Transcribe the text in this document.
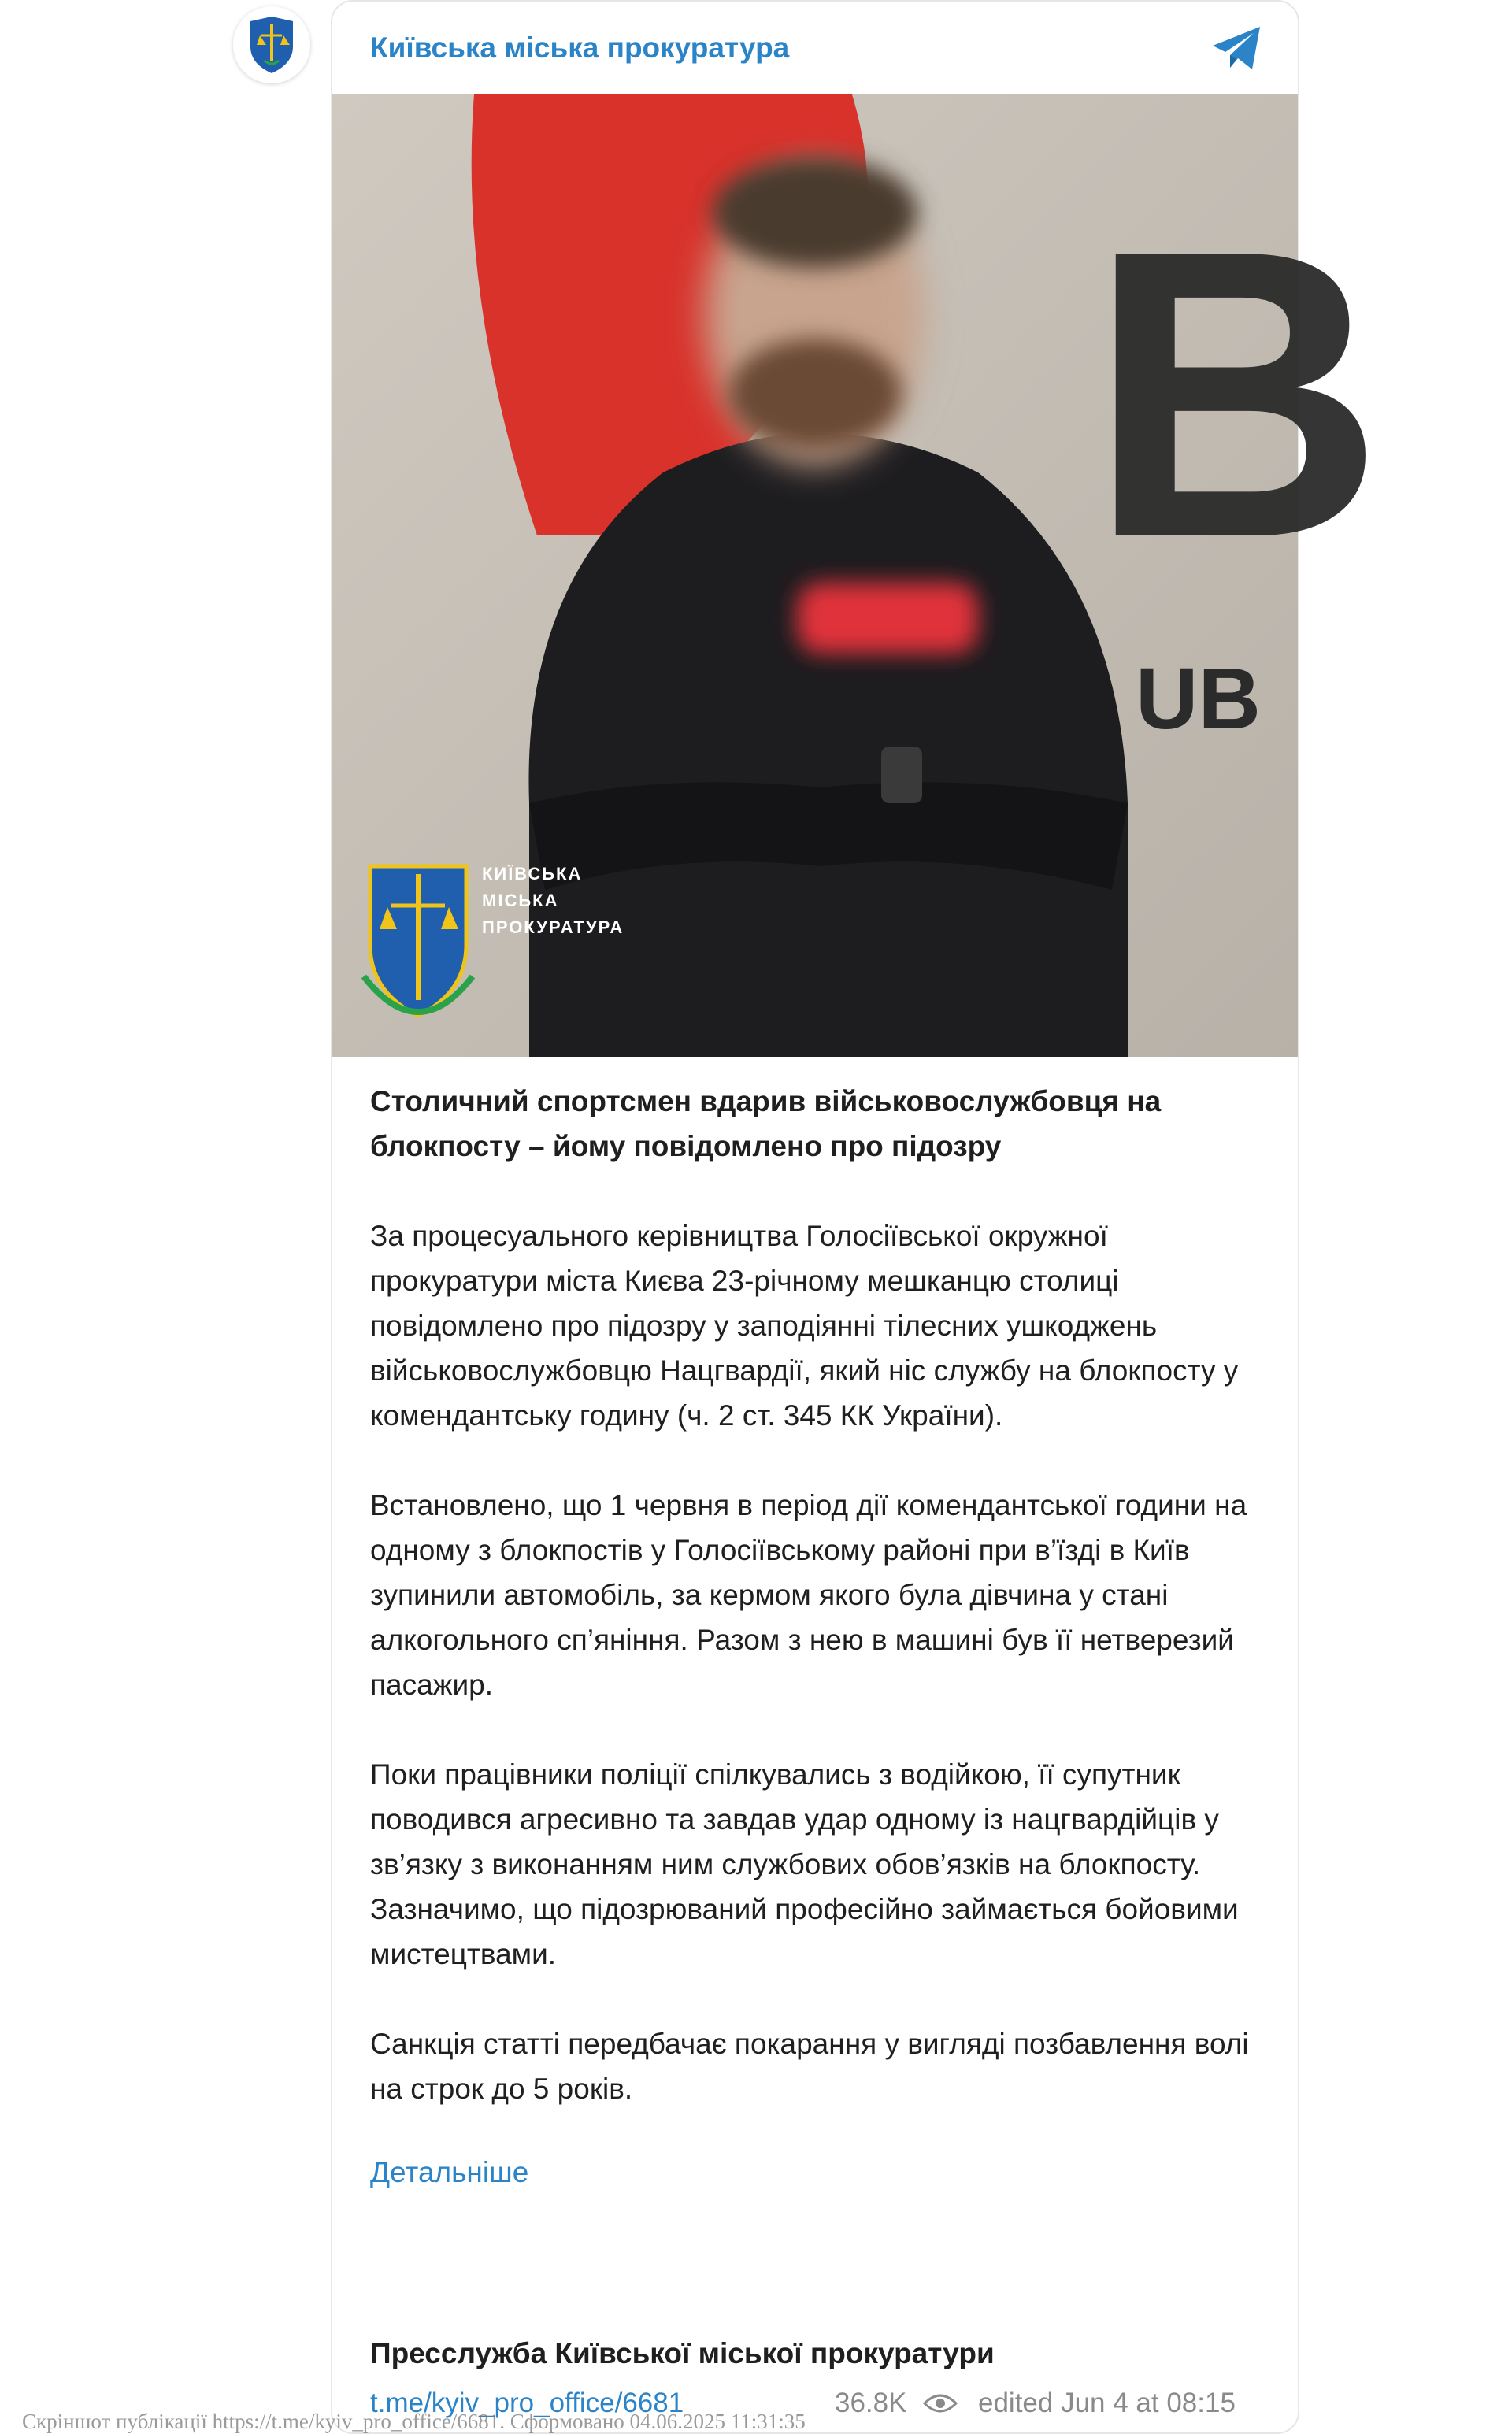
Київська міська прокуратура
B
UB
КИЇВСЬКА
МІСЬКА
ПРОКУРАТУРА

Столичний спортсмен вдарив військовослужбовця на блокпосту – йому повідомлено про підозру

За процесуального керівництва Голосіївської окружної прокуратури міста Києва 23-річному мешканцю столиці повідомлено про підозру у заподіянні тілесних ушкоджень військовослужбовцю Нацгвардії, який ніс службу на блокпосту у комендантську годину (ч. 2 ст. 345 КК України).

Встановлено, що 1 червня в період дії комендантської години на одному з блокпостів у Голосіївському районі при в’їзді в Київ зупинили автомобіль, за кермом якого була дівчина у стані алкогольного сп’яніння. Разом з нею в машині був її нетверезий пасажир.

Поки працівники поліції спілкувались з водійкою, її супутник поводився агресивно та завдав удар одному із нацгвардійців у зв’язку з виконанням ним службових обов’язків на блокпосту. Зазначимо, що підозрюваний професійно займається бойовими мистецтвами.

Санкція статті передбачає покарання у вигляді позбавлення волі на строк до 5 років.

Детальніше
Пресслужба Київської міської прокуратури
t.me/kyiv_pro_office/6681	36.8K	edited Jun 4 at 08:15
Скріншот публікації https://t.me/kyiv_pro_office/6681. Сформовано 04.06.2025 11:31:35
